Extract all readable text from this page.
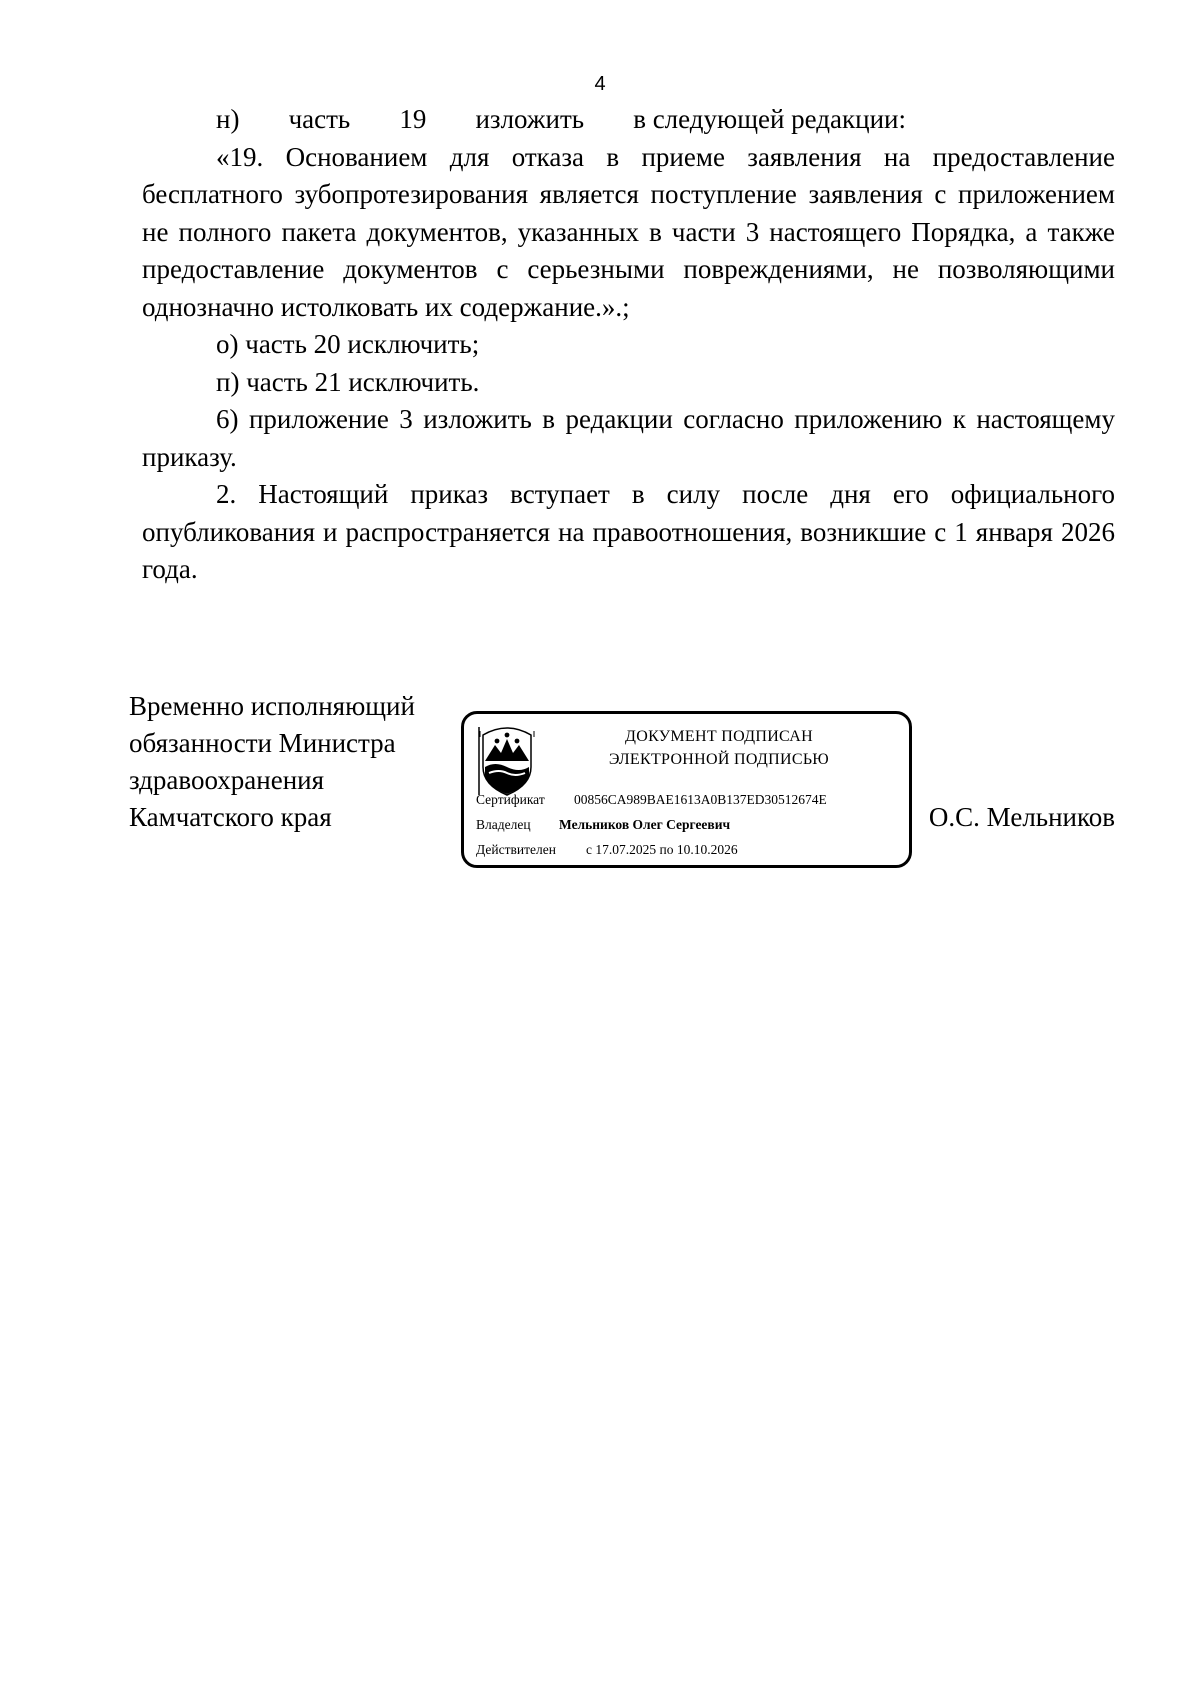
4
н) часть 19 изложить в следующей редакции:

«19. Основанием для отказа в приеме заявления на предоставление бесплатного зубопротезирования является поступление заявления с приложением не полного пакета документов, указанных в части 3 настоящего Порядка, а также предоставление документов с серьезными повреждениями, не позволяющими однозначно истолковать их содержание.».;

о) часть 20 исключить;

п) часть 21 исключить.

6) приложение 3 изложить в редакции согласно приложению к настоящему приказу.

2. Настоящий приказ вступает в силу после дня его официального опубликования и распространяется на правоотношения, возникшие с 1 января 2026 года.

Временно исполняющий
обязанности Министра
здравоохранения
Камчатского края
ДОКУМЕНТ ПОДПИСАН
ЭЛЕКТРОННОЙ ПОДПИСЬЮ
Сертификат 00856CA989BAE1613A0B137ED30512674E
Владелец Мельников Олег Сергеевич
Действителен с 17.07.2025 по 10.10.2026
О.С. Мельников
